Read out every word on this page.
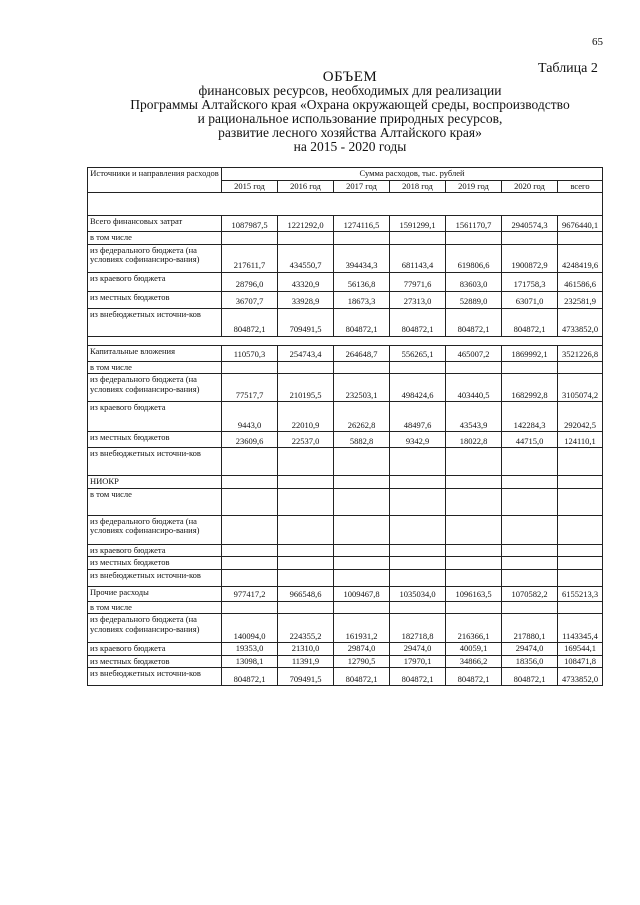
65
Таблица 2
ОБЪЕМ
финансовых ресурсов, необходимых для реализации
Программы Алтайского края «Охрана окружающей среды, воспроизводство
и рациональное использование природных ресурсов,
развитие лесного хозяйства Алтайского края»
на 2015 - 2020 годы
Источники и направления расходов	Сумма расходов, тыс. рублей						
	2015 год	2016 год	2017 год	2018 год	2019 год	2020 год	всего

Всего финансовых затрат	1087987,5	1221292,0	1274116,5	1591299,1	1561170,7	2940574,3	9676440,1
в том числе							
из федерального бюджета (на условиях софинансиро-вания)	217611,7	434550,7	394434,3	681143,4	619806,6	1900872,9	4248419,6
из краевого бюджета	28796,0	43320,9	56136,8	77971,6	83603,0	171758,3	461586,6
из местных бюджетов	36707,7	33928,9	18673,3	27313,0	52889,0	63071,0	232581,9
из внебюджетных источни-ков	804872,1	709491,5	804872,1	804872,1	804872,1	804872,1	4733852,0

Капитальные вложения	110570,3	254743,4	264648,7	556265,1	465007,2	1869992,1	3521226,8
в том числе							
из федерального бюджета (на условиях софинансиро-вания)	77517,7	210195,5	232503,1	498424,6	403440,5	1682992,8	3105074,2
из краевого бюджета	9443,0	22010,9	26262,8	48497,6	43543,9	142284,3	292042,5
из местных бюджетов	23609,6	22537,0	5882,8	9342,9	18022,8	44715,0	124110,1
из внебюджетных источни-ков							
НИОКР							
в том числе							
из федерального бюджета (на условиях софинансиро-вания)							
из краевого бюджета							
из местных бюджетов							
из внебюджетных источни-ков							
Прочие расходы	977417,2	966548,6	1009467,8	1035034,0	1096163,5	1070582,2	6155213,3
в том числе							
из федерального бюджета (на условиях софинансиро-вания)	140094,0	224355,2	161931,2	182718,8	216366,1	217880,1	1143345,4
из краевого бюджета	19353,0	21310,0	29874,0	29474,0	40059,1	29474,0	169544,1
из местных бюджетов	13098,1	11391,9	12790,5	17970,1	34866,2	18356,0	108471,8
из внебюджетных источни-ков	804872,1	709491,5	804872,1	804872,1	804872,1	804872,1	4733852,0
